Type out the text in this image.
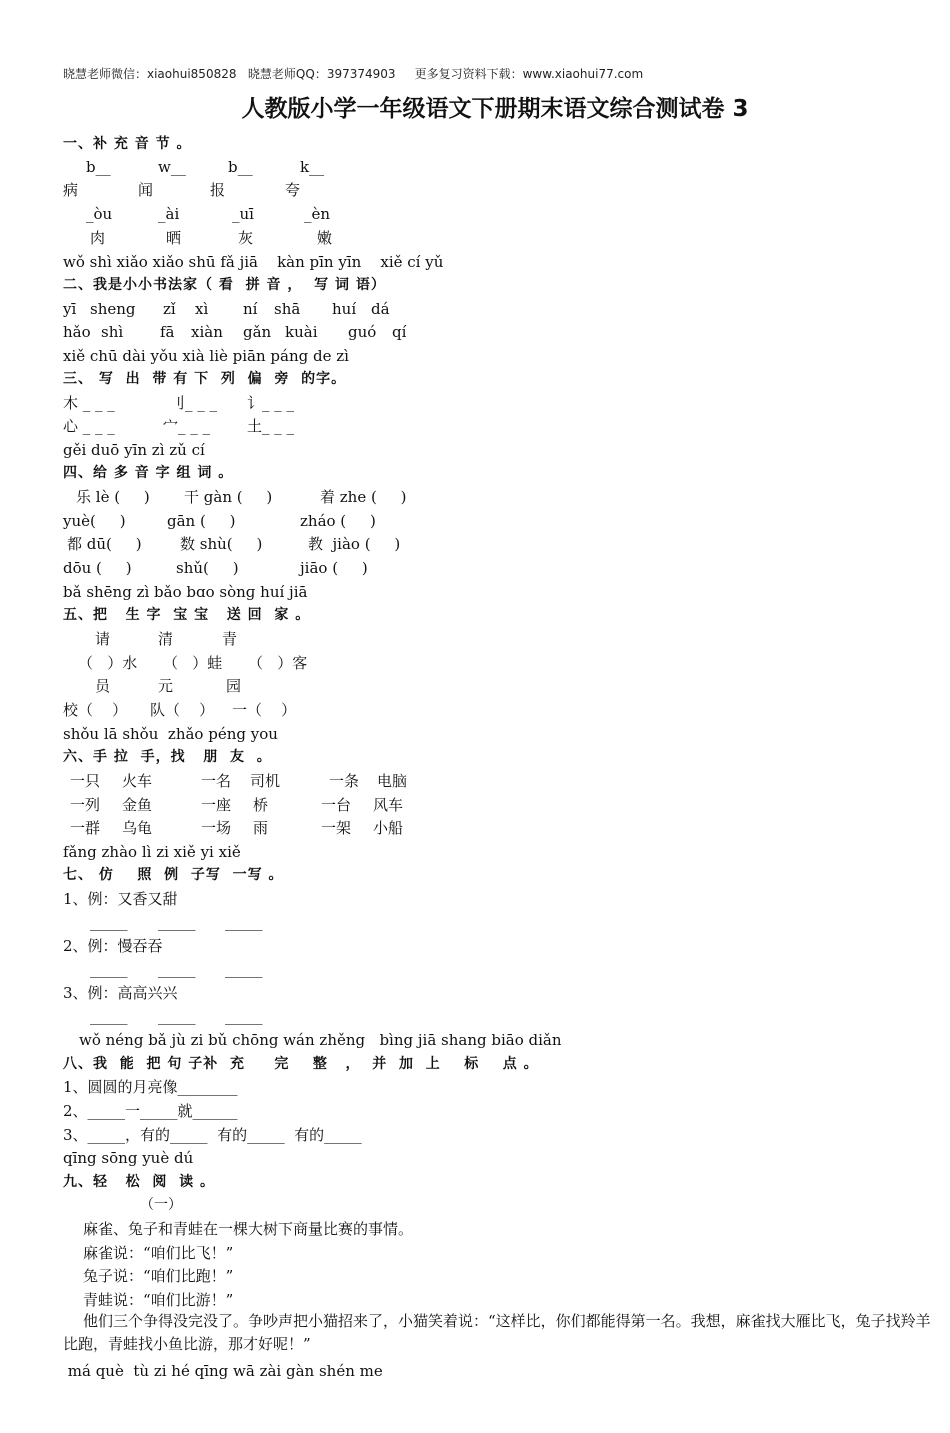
晓慧老师微信：xiaohui850828   晓慧老师QQ：397374903     更多复习资料下载：www.xiaohui77.com
人教版小学一年级语文下册期末语文综合测试卷 3
一、补 充 音 节 。
b__	w__	b__	k__
病	闻	报	夸
_òu	_ài	_uī	_èn
肉	晒	灰	嫩
wǒ shì xiǎo xiǎo shū fǎ jiā    kàn pīn yīn    xiě cí yǔ
二、我是小小书法家（ 看  拼 音 ，  写 词 语）
yī sheng zǐ xì ní shā huí dá
hǎo shì fā xiàn gǎn kuài guó qí
xiě chū dài yǒu xià liè piān páng de zì
三、 写  出  带 有 下  列  偏  旁  的字。
木 _ _ _	刂_ _ _ 讠_ _ _
心 _ _ _	宀_ _ _ 土_ _ _
gěi duō yīn zì zǔ cí
四、给 多 音 字 组 词 。
乐 lè (     ) 干 gàn (     )	着 zhe (     )
yuè(     )	gān (     )	zháo (     )
都 dū(     )	数 shù(     )	教  jiào (     )
dōu (     )	shǔ(     )	jiāo (     )
bǎ shēng zì bǎo bɑo sònɡ huí jiā
五、把   生 字  宝 宝   送 回  家 。
请	清	青
（   ）水 （   ）蛙 （   ）客
员	元	园
校（    ） 队（    ） 一（    ）
shǒu lā shǒu  zhǎo péng you
六、手 拉  手，找   朋  友  。
一只 火车	一名 司机	一条 电脑
一列 金鱼	一座 桥	一台 风车
一群 乌龟	一场 雨	一架 小船
fǎng zhào lì zi xiě yi xiě
七、 仿    照  例  子写  一写 。
1、例：又香又甜
_____ _____ _____
2、例：慢吞吞
_____ _____ _____
3、例：高高兴兴
_____ _____ _____
wǒ néng bǎ jù zi bǔ chōng wán zhěng   bìng jiā shang biāo diǎn
八、我  能  把 句 子补  充     完    整   ，  并  加  上    标    点 。
1、圆圆的月亮像________
2、_____一_____就______
3、_____，有的_____  有的_____  有的_____
qīng sōng yuè dú
九、轻   松  阅  读 。
（一）
麻雀、兔子和青蛙在一棵大树下商量比赛的事情。
麻雀说：“咱们比飞！”
兔子说：“咱们比跑！”
青蛙说：“咱们比游！”
他们三个争得没完没了。争吵声把小猫招来了，小猫笑着说：“这样比，你们都能得第一名。我想，麻雀找大雁比飞，兔子找羚羊比跑，青蛙找小鱼比游，那才好呢！”
má què  tù zi hé qīng wā zài gàn shén me
